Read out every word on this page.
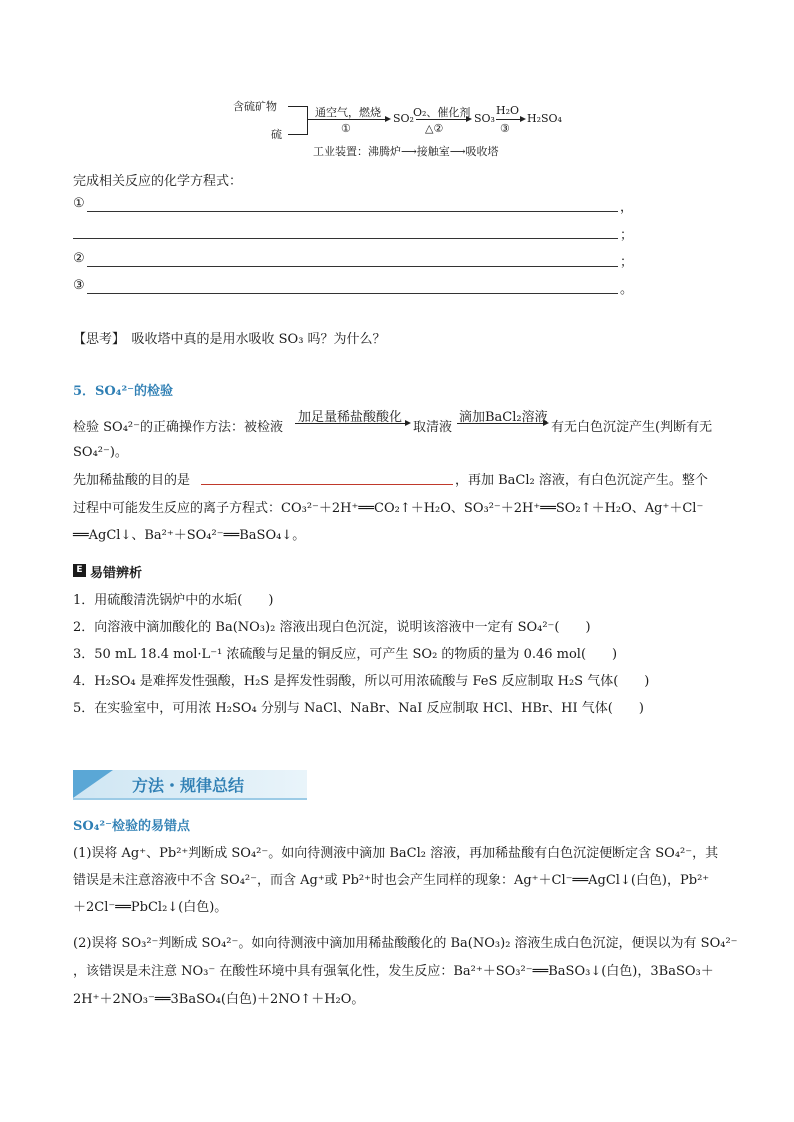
含硫矿物
硫
通空气，燃烧
①
SO₂ O₂、催化剂
△②
SO₃
H₂O
③
H₂SO₄
工业装置：沸腾炉⟶接触室⟶吸收塔
完成相关反应的化学方程式：
①	，
；
②	；
③	。
【思考】　吸收塔中真的是用水吸收 SO₃ 吗？为什么？
5．SO₄²⁻的检验
检验 SO₄²⁻的正确操作方法：被检液
加足量稀盐酸酸化
取清液
滴加BaCl₂溶液
有无白色沉淀产生(判断有无
SO₄²⁻)。
先加稀盐酸的目的是	，再加 BaCl₂ 溶液，有白色沉淀产生。整个
过程中可能发生反应的离子方程式：CO₃²⁻＋2H⁺══CO₂↑＋H₂O、SO₃²⁻＋2H⁺══SO₂↑＋H₂O、Ag⁺＋Cl⁻
══AgCl↓、Ba²⁺＋SO₄²⁻══BaSO₄↓。
E 易错辨析
1．用硫酸清洗锅炉中的水垢(　　)
2．向溶液中滴加酸化的 Ba(NO₃)₂ 溶液出现白色沉淀，说明该溶液中一定有 SO₄²⁻(　　)
3．50 mL 18.4 mol·L⁻¹ 浓硫酸与足量的铜反应，可产生 SO₂ 的物质的量为 0.46 mol(　　)
4．H₂SO₄ 是难挥发性强酸，H₂S 是挥发性弱酸，所以可用浓硫酸与 FeS 反应制取 H₂S 气体(　　)
5．在实验室中，可用浓 H₂SO₄ 分别与 NaCl、NaBr、NaI 反应制取 HCl、HBr、HI 气体(　　)
方法・规律总结
SO₄²⁻检验的易错点
(1)误将 Ag⁺、Pb²⁺判断成 SO₄²⁻。如向待测液中滴加 BaCl₂ 溶液，再加稀盐酸有白色沉淀便断定含 SO₄²⁻，其
错误是未注意溶液中不含 SO₄²⁻，而含 Ag⁺或 Pb²⁺时也会产生同样的现象：Ag⁺＋Cl⁻══AgCl↓(白色)，Pb²⁺
＋2Cl⁻══PbCl₂↓(白色)。
(2)误将 SO₃²⁻判断成 SO₄²⁻。如向待测液中滴加用稀盐酸酸化的 Ba(NO₃)₂ 溶液生成白色沉淀，便误以为有 SO₄²⁻
，该错误是未注意 NO₃⁻ 在酸性环境中具有强氧化性，发生反应：Ba²⁺＋SO₃²⁻══BaSO₃↓(白色)，3BaSO₃＋
2H⁺＋2NO₃⁻══3BaSO₄(白色)＋2NO↑＋H₂O。
